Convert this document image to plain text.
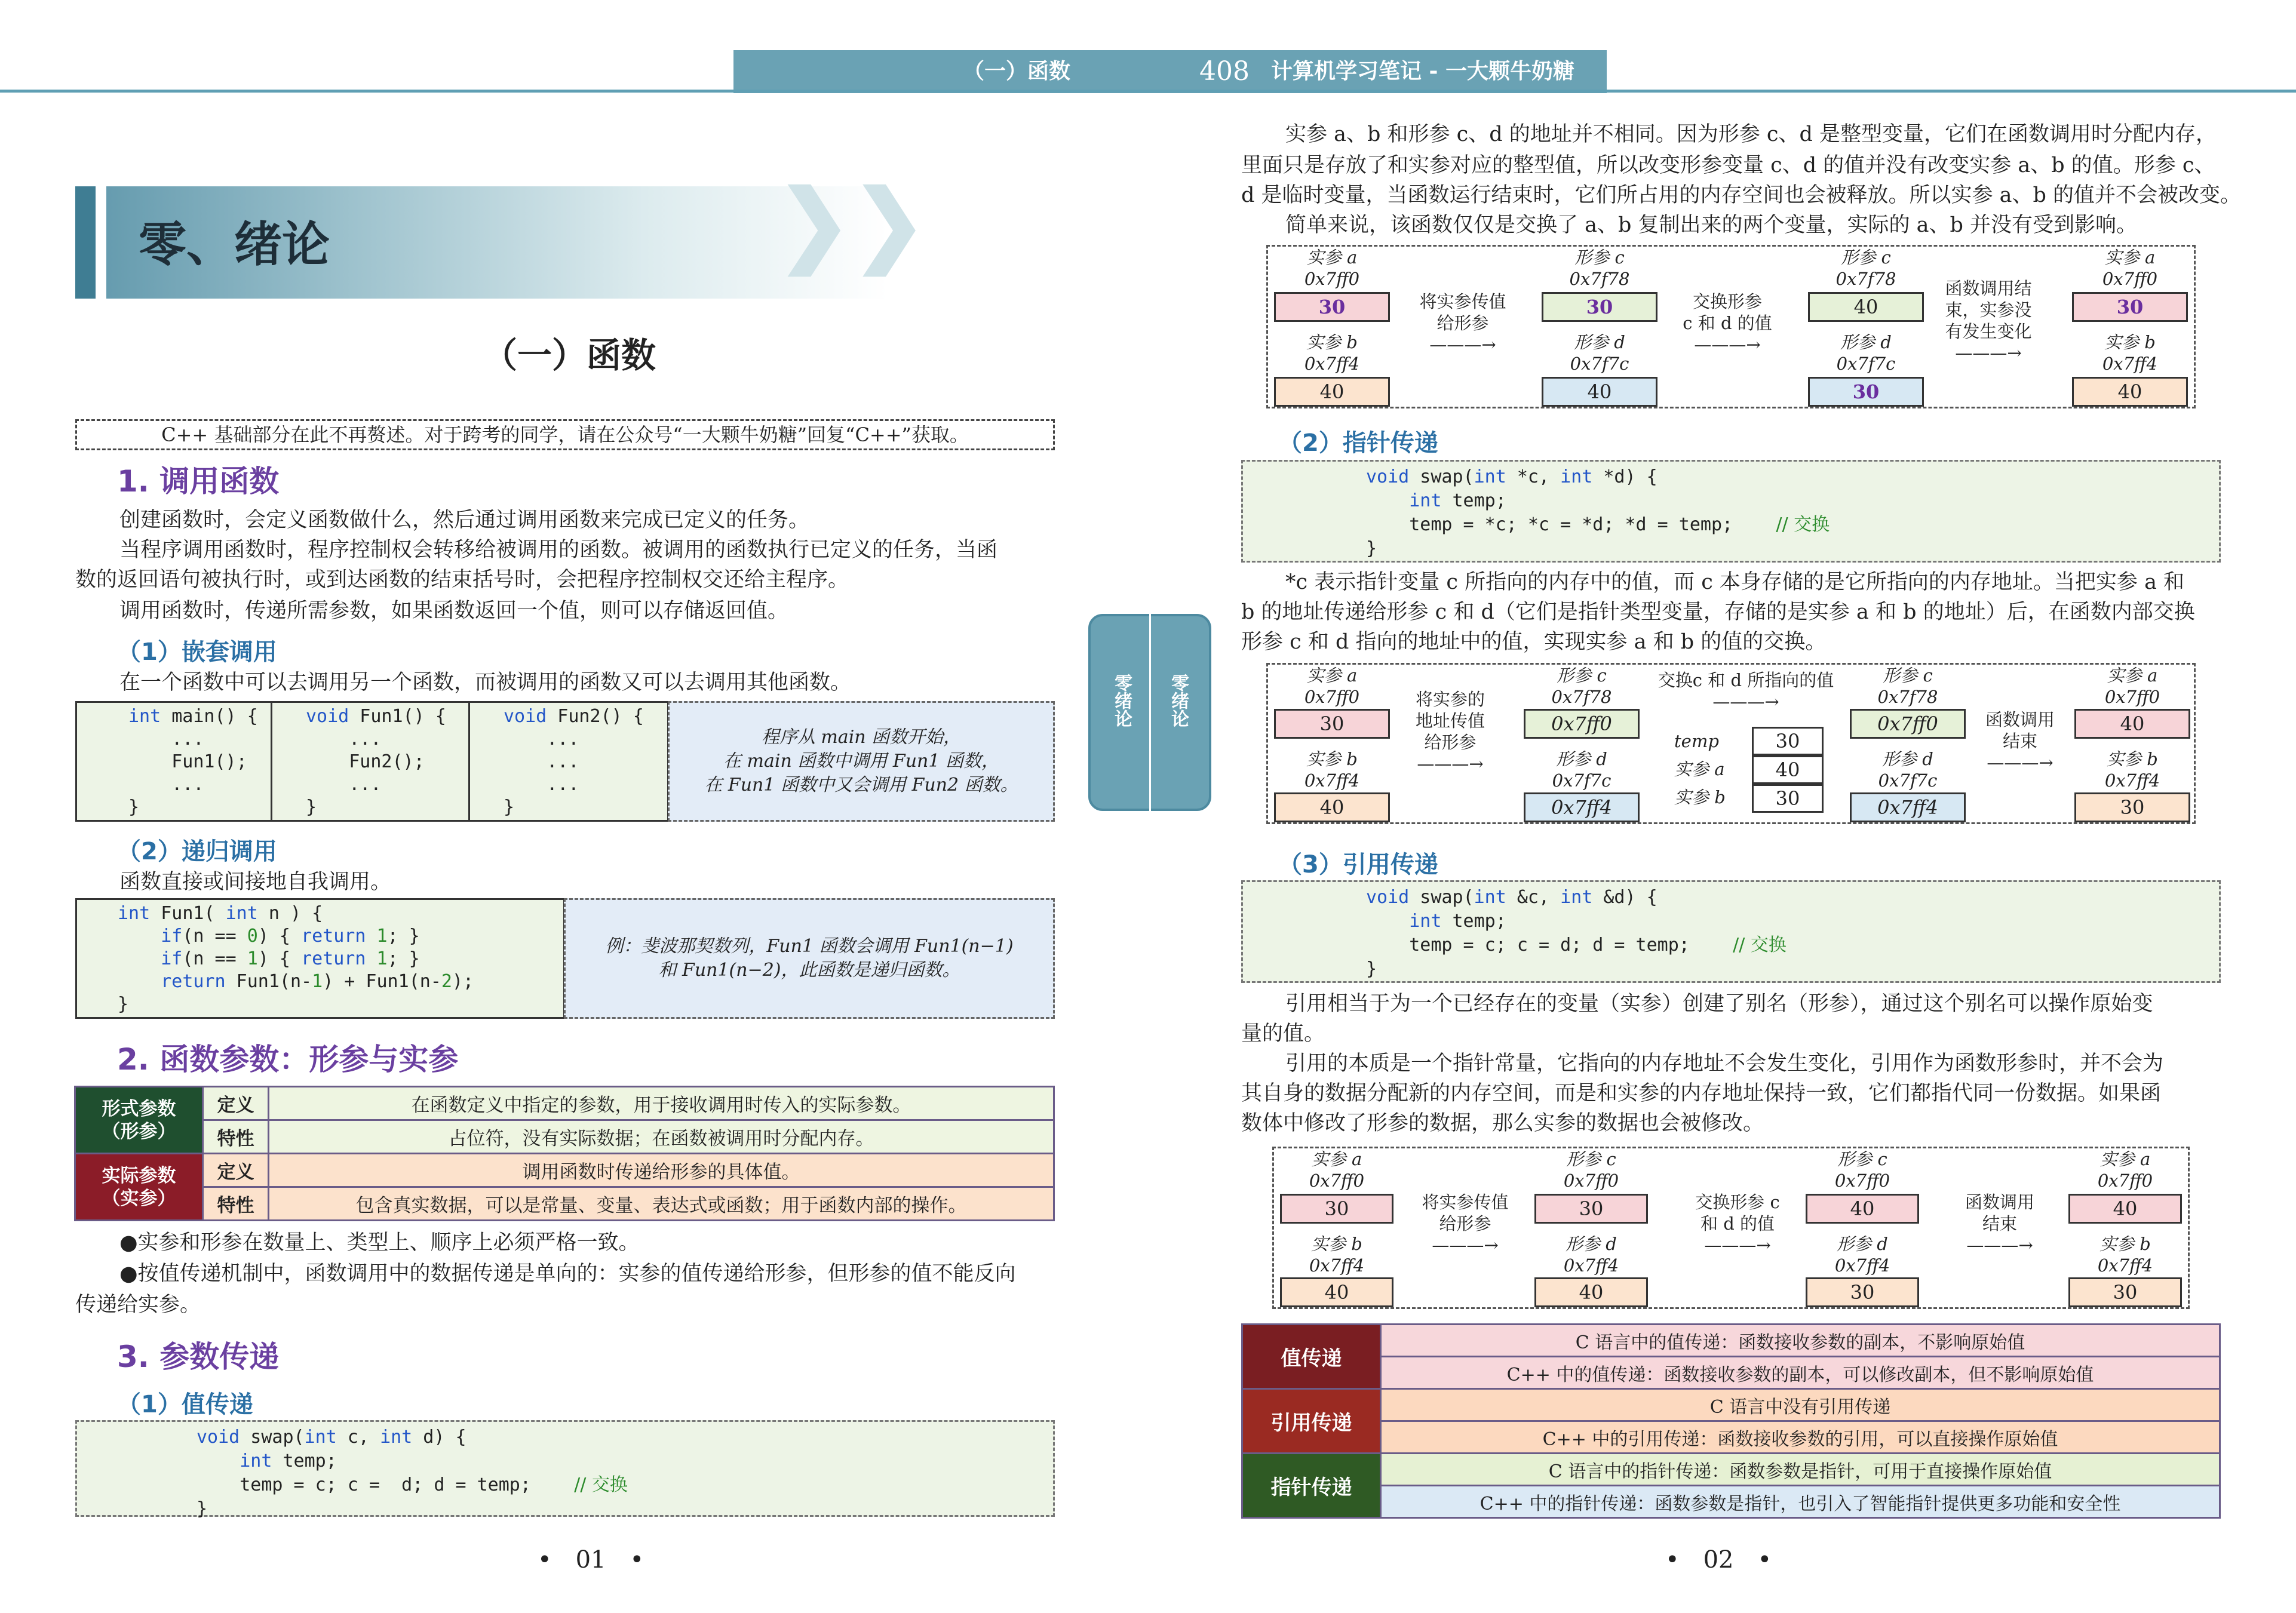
（一）函数	408 计算机学习笔记 - 一大颗牛奶糖
❯❯
零、绪论
（一）函数
C++ 基础部分在此不再赘述。对于跨考的同学，请在公众号“一大颗牛奶糖”回复“C++”获取。
1. 调用函数
创建函数时，会定义函数做什么，然后通过调用函数来完成已定义的任务。
当程序调用函数时，程序控制权会转移给被调用的函数。被调用的函数执行已定义的任务，当函
数的返回语句被执行时，或到达函数的结束括号时，会把程序控制权交还给主程序。
调用函数时，传递所需参数，如果函数返回一个值，则可以存储返回值。
（1）嵌套调用
在一个函数中可以去调用另一个函数，而被调用的函数又可以去调用其他函数。
int main() {
...
Fun1();
...
}
void Fun1() {
...
Fun2();
...
}
void Fun2() {
...
...
...
}
程序从 main 函数开始，
在 main 函数中调用 Fun1 函数，
在 Fun1 函数中又会调用 Fun2 函数。
（2）递归调用
函数直接或间接地自我调用。
int Fun1( int n ) {
if(n == 0) { return 1; }
if(n == 1) { return 1; }
return Fun1(n-1) + Fun1(n-2);
}
例：斐波那契数列，Fun1 函数会调用 Fun1(n−1)
和 Fun1(n−2)，此函数是递归函数。
2. 函数参数：形参与实参
形式参数
（形参）	定义	在函数定义中指定的参数，用于接收调用时传入的实际参数。
	特性	占位符，没有实际数据；在函数被调用时分配内存。

实际参数
（实参）	定义	调用函数时传递给形参的具体值。
	特性	包含真实数据，可以是常量、变量、表达式或函数；用于函数内部的操作。
●实参和形参在数量上、类型上、顺序上必须严格一致。
●按值传递机制中，函数调用中的数据传递是单向的：实参的值传递给形参，但形参的值不能反向
传递给实参。
3. 参数传递
（1）值传递
void swap(int c, int d) {
int temp;
temp = c; c =  d; d = temp;    // 交换
}
•　01　•
零绪论 零绪论
实参 a、b 和形参 c、d 的地址并不相同。因为形参 c、d 是整型变量，它们在函数调用时分配内存，
里面只是存放了和实参对应的整型值，所以改变形参变量 c、d 的值并没有改变实参 a、b 的值。形参 c、
d 是临时变量，当函数运行结束时，它们所占用的内存空间也会被释放。所以实参 a、b 的值并不会被改变。
简单来说，该函数仅仅是交换了 a、b 复制出来的两个变量，实际的 a、b 并没有受到影响。
实参 a
0x7ff0
30
实参 b
0x7ff4
40
将实参传值
给形参
———→
形参 c
0x7f78
30
形参 d
0x7f7c
40
交换形参
c 和 d 的值
———→
形参 c
0x7f78
40
形参 d
0x7f7c
30
函数调用结
束，实参没
有发生变化
———→
实参 a
0x7ff0
30
实参 b
0x7ff4
40
（2）指针传递
void swap(int *c, int *d) {
int temp;
temp = *c; *c = *d; *d = temp;    // 交换
}
*c 表示指针变量 c 所指向的内存中的值，而 c 本身存储的是它所指向的内存地址。当把实参 a 和
b 的地址传递给形参 c 和 d（它们是指针类型变量，存储的是实参 a 和 b 的地址）后，在函数内部交换
形参 c 和 d 指向的地址中的值，实现实参 a 和 b 的值的交换。
实参 a
0x7ff0
30
实参 b
0x7ff4
40
将实参的
地址传值
给形参
———→
形参 c
0x7f78
0x7ff0
形参 d
0x7f7c
0x7ff4
交换c 和 d 所指向的值
———→
temp
实参 a
实参 b
30
40
30
形参 c
0x7f78
0x7ff0
形参 d
0x7f7c
0x7ff4
函数调用
结束
———→
实参 a
0x7ff0
40
实参 b
0x7ff4
30
（3）引用传递
void swap(int &c, int &d) {
int temp;
temp = c; c = d; d = temp;    // 交换
}
引用相当于为一个已经存在的变量（实参）创建了别名（形参），通过这个别名可以操作原始变
量的值。
引用的本质是一个指针常量，它指向的内存地址不会发生变化，引用作为函数形参时，并不会为
其自身的数据分配新的内存空间，而是和实参的内存地址保持一致，它们都指代同一份数据。如果函
数体中修改了形参的数据，那么实参的数据也会被修改。
实参 a
0x7ff0
30
实参 b
0x7ff4
40
将实参传值
给形参
———→
形参 c
0x7ff0
30
形参 d
0x7ff4
40
交换形参 c
和 d 的值
———→
形参 c
0x7ff0
40
形参 d
0x7ff4
30
函数调用
结束
———→
实参 a
0x7ff0
40
实参 b
0x7ff4
30
值传递	C 语言中的值传递：函数接收参数的副本，不影响原始值
	C++ 中的值传递：函数接收参数的副本，可以修改副本，但不影响原始值
引用传递	C 语言中没有引用传递
	C++ 中的引用传递：函数接收参数的引用，可以直接操作原始值
指针传递	C 语言中的指针传递：函数参数是指针，可用于直接操作原始值
	C++ 中的指针传递：函数参数是指针，也引入了智能指针提供更多功能和安全性
•　02　•
